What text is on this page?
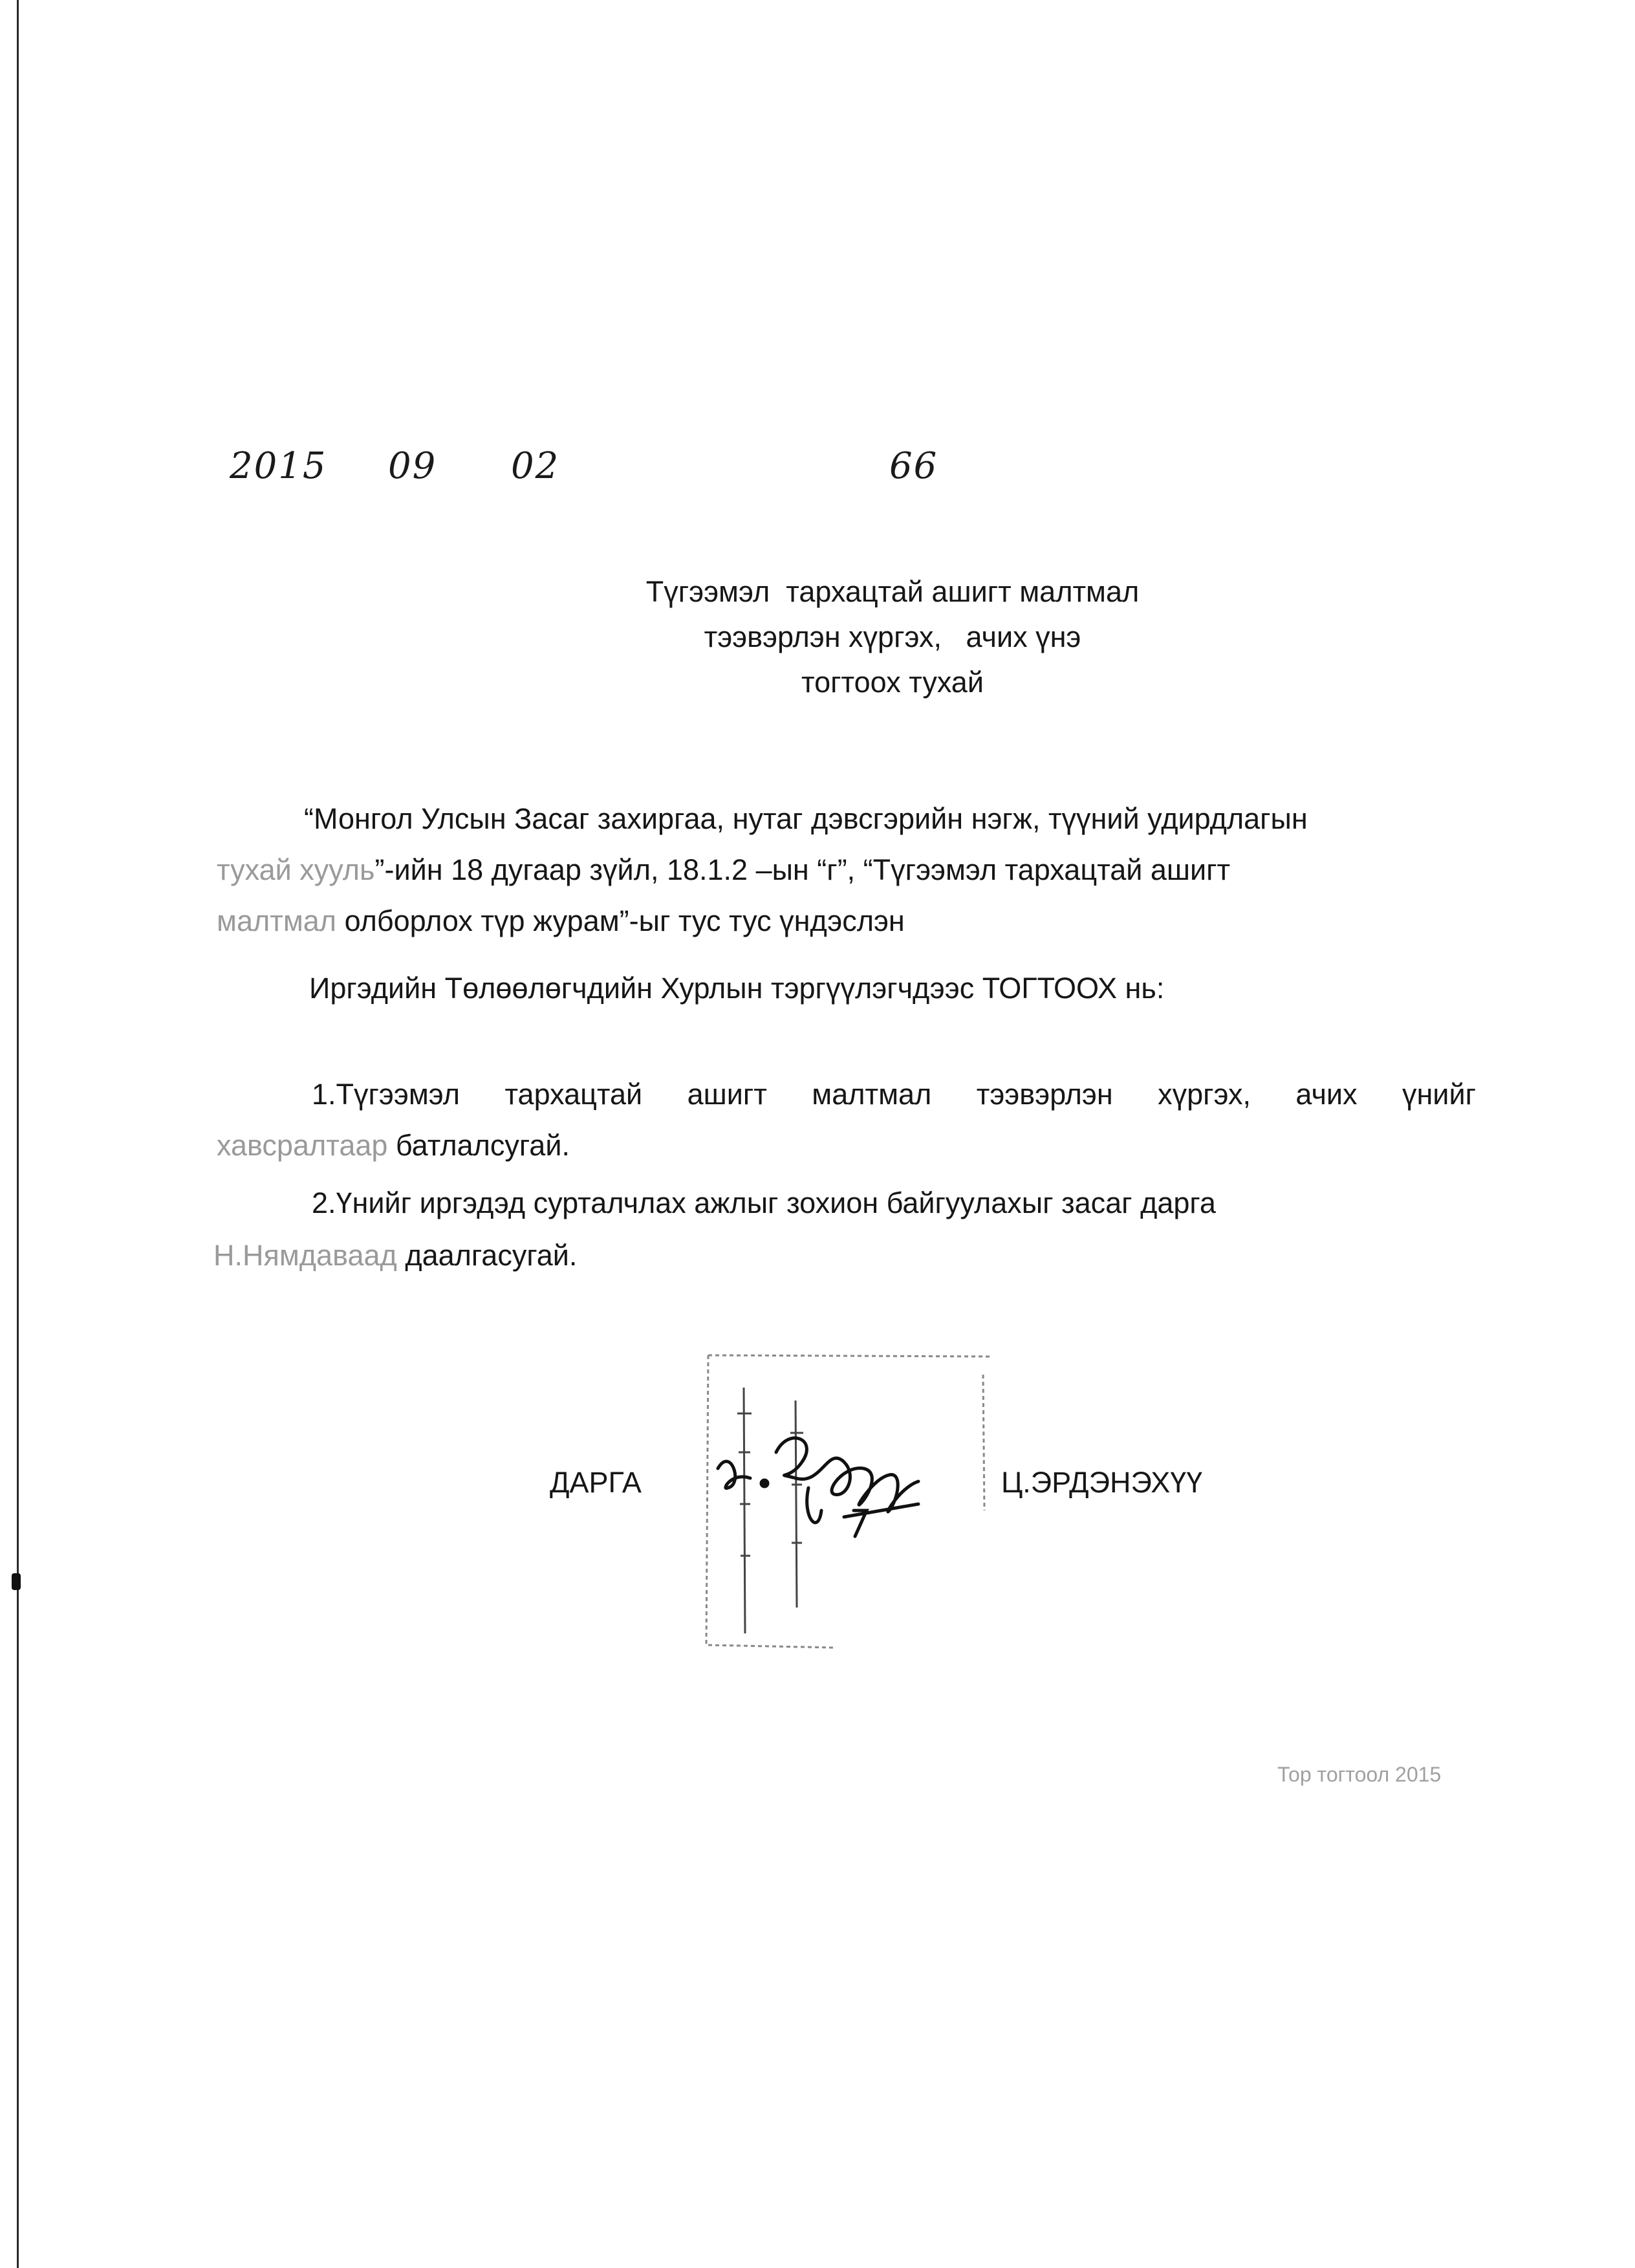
2015 09 02	66
Түгээмэл  тархацтай ашигт малтмал
тээвэрлэн хүргэх,   ачих үнэ
тогтоох тухай
“Монгол Улсын Засаг захиргаа, нутаг дэвсгэрийн нэгж, түүний удирдлагын
тухай хууль”-ийн 18 дугаар зүйл, 18.1.2 –ын “г”, “Түгээмэл тархацтай ашигт
малтмал олборлох түр журам”-ыг тус тус үндэслэн
Иргэдийн Төлөөлөгчдийн Хурлын тэргүүлэгчдээс ТОГТООХ нь:
1.Түгээмэл тархацтай ашигт малтмал тээвэрлэн хүргэх, ачих үнийг
хавсралтаар батлалсугай.
2.Үнийг иргэдэд сурталчлах ажлыг зохион байгуулахыг засаг дарга
Н.Нямдаваад даалгасугай.
ДАРГА	Ц.ЭРДЭНЭХҮҮ
Тор тогтоол 2015
